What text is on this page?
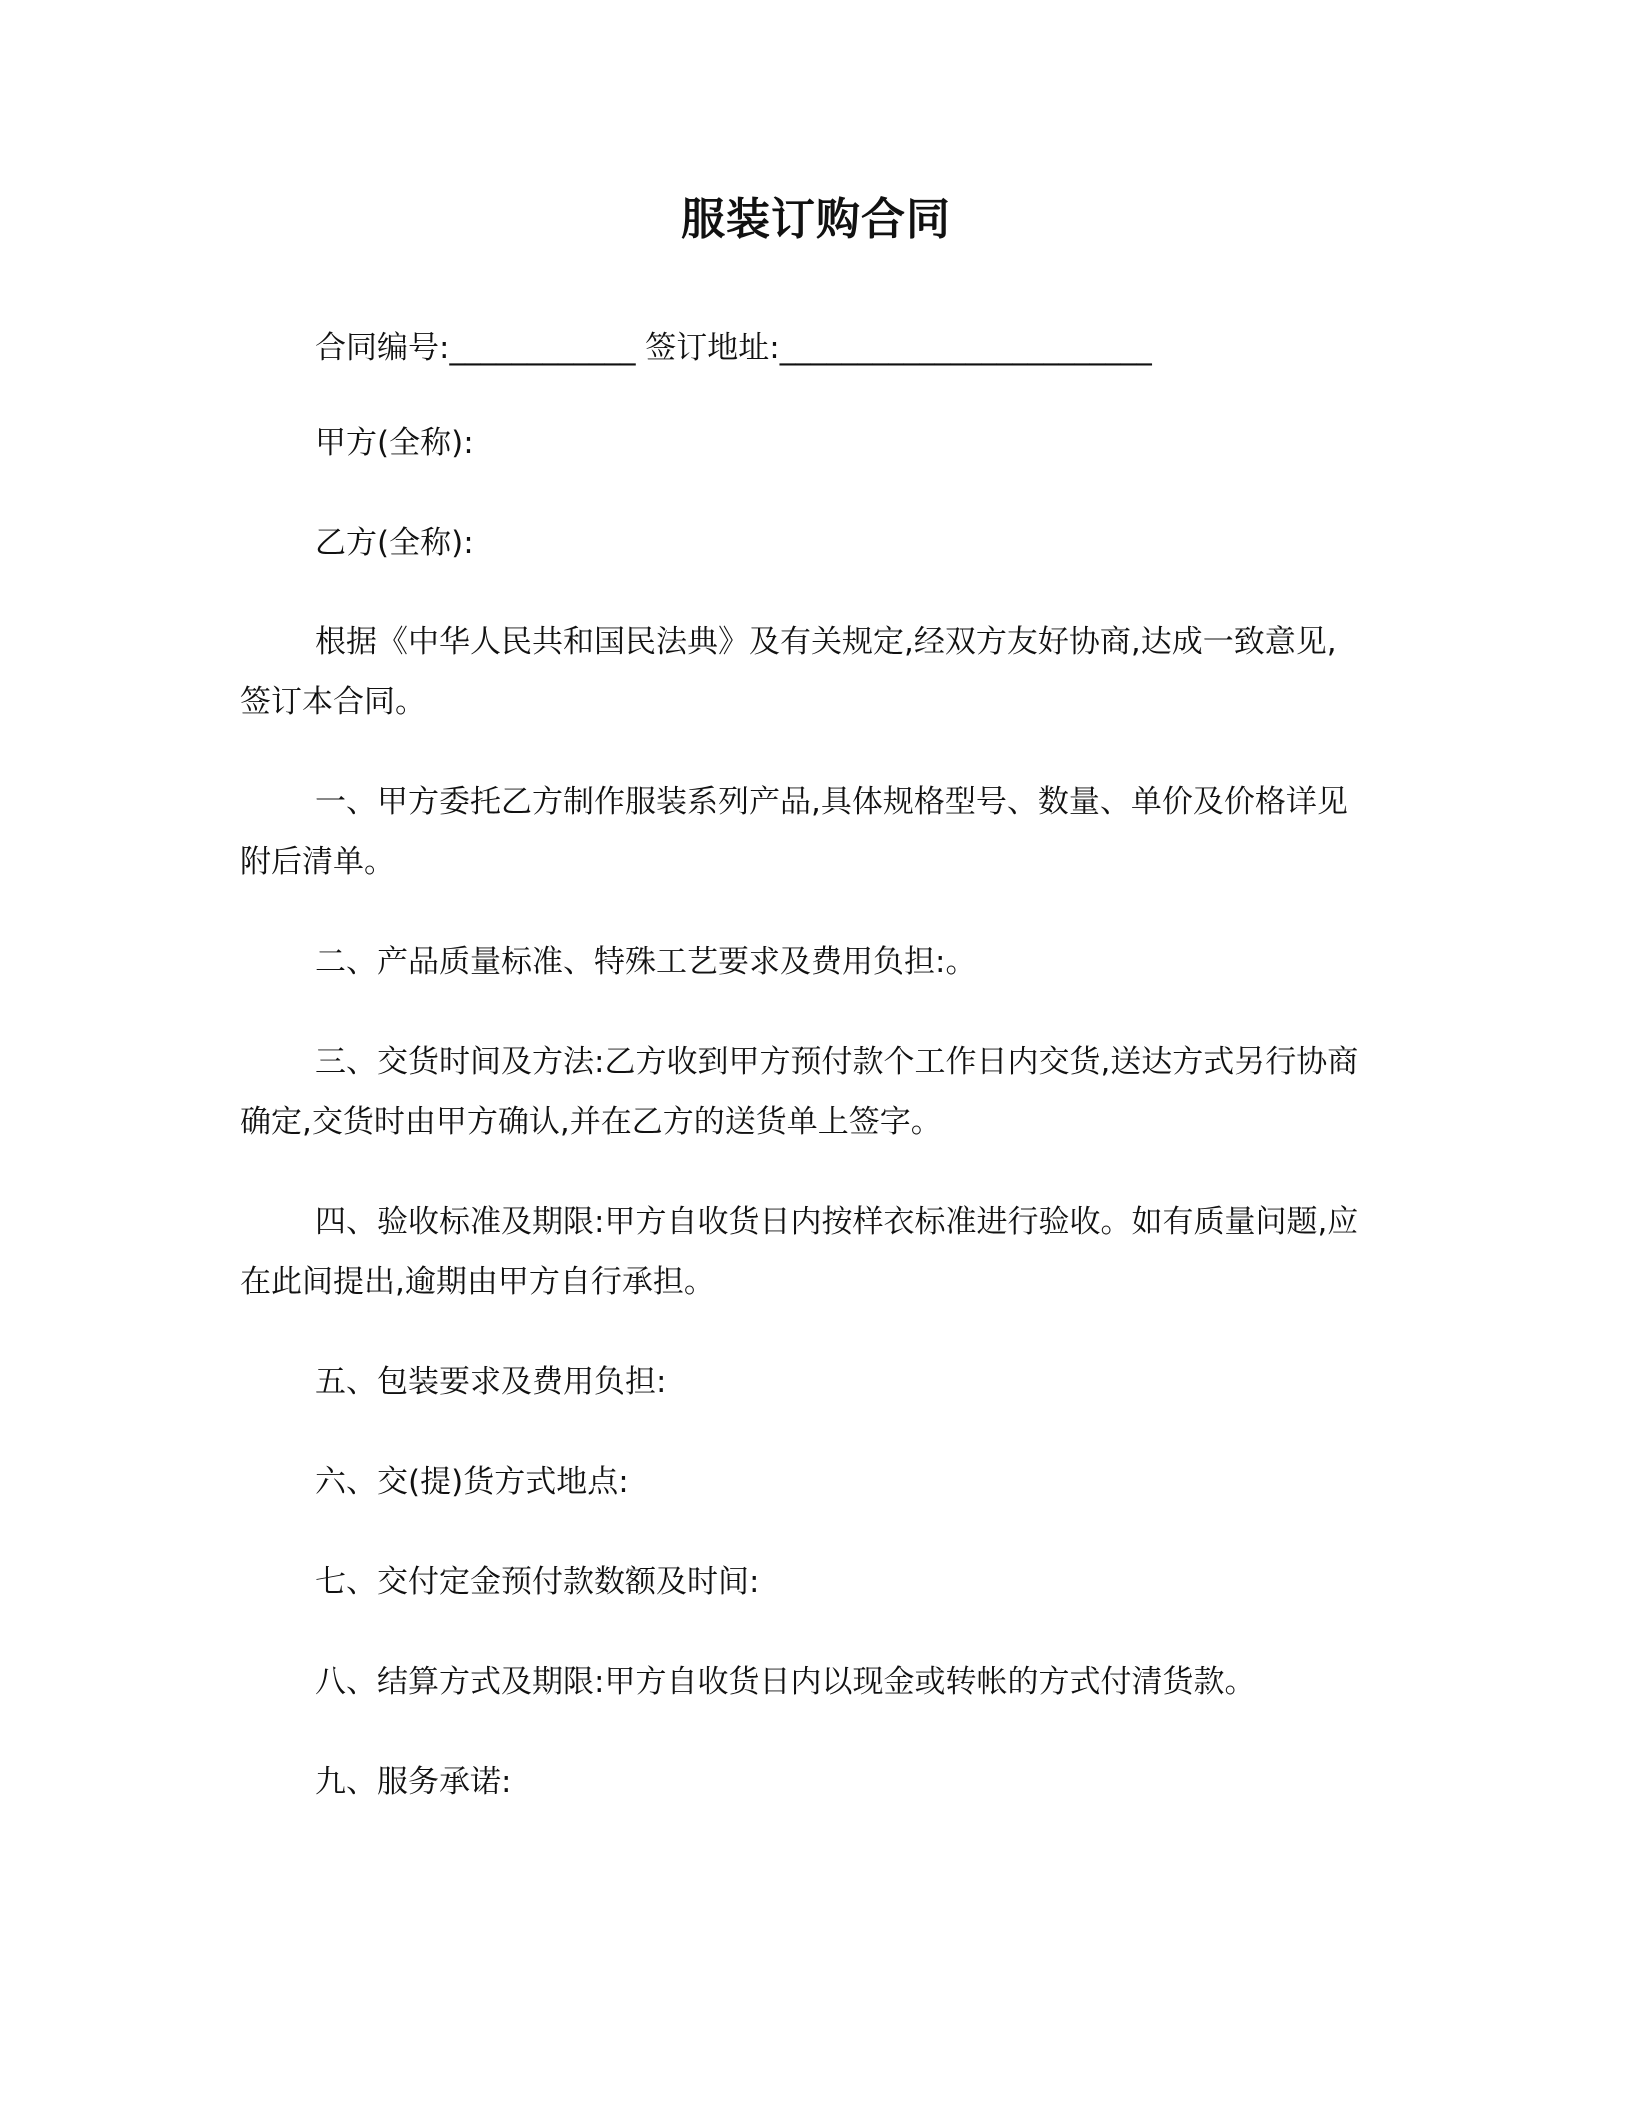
服装订购合同
合同编号:____________ 签订地址:________________________
甲方(全称):
乙方(全称):
根据《中华人民共和国民法典》及有关规定,经双方友好协商,达成一致意见,
签订本合同。
一、甲方委托乙方制作服装系列产品,具体规格型号、数量、单价及价格详见
附后清单。
二、产品质量标准、特殊工艺要求及费用负担:。
三、交货时间及方法:乙方收到甲方预付款个工作日内交货,送达方式另行协商
确定,交货时由甲方确认,并在乙方的送货单上签字。
四、验收标准及期限:甲方自收货日内按样衣标准进行验收。如有质量问题,应
在此间提出,逾期由甲方自行承担。
五、包装要求及费用负担:
六、交(提)货方式地点:
七、交付定金预付款数额及时间:
八、结算方式及期限:甲方自收货日内以现金或转帐的方式付清货款。
九、服务承诺:
